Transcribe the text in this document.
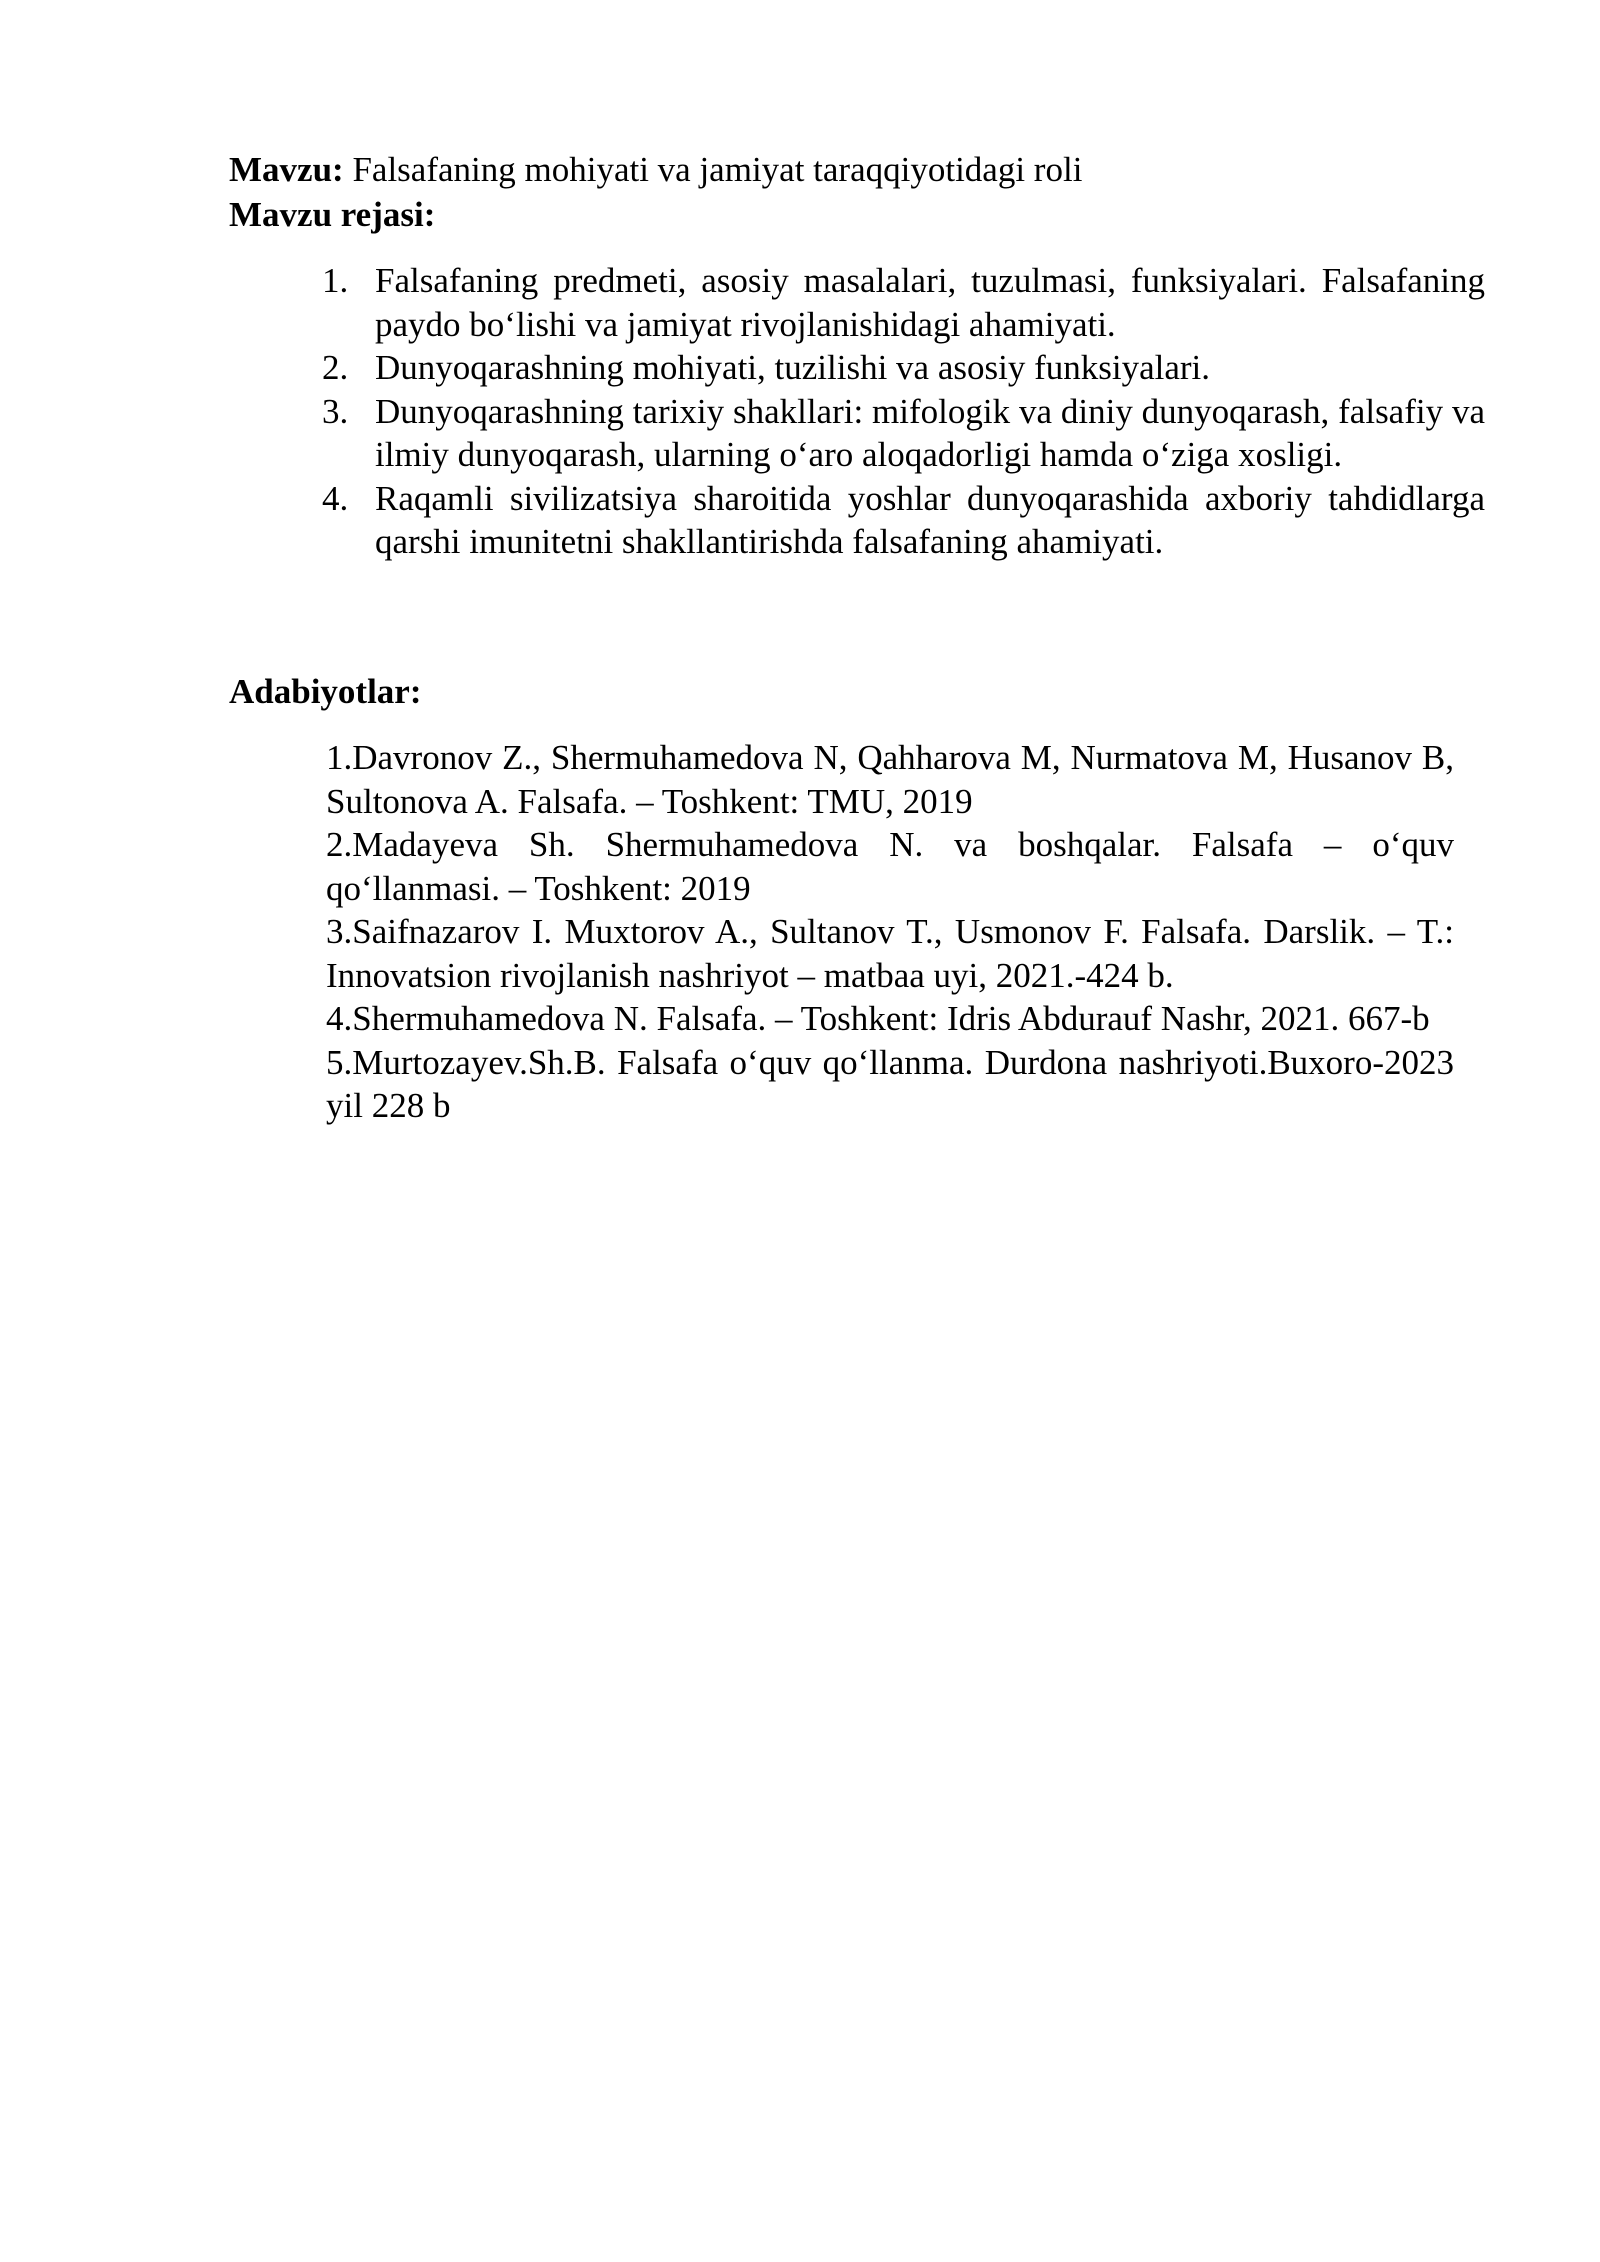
Mavzu: Falsafaning mohiyati va jamiyat taraqqiyotidagi roli
Mavzu rejasi:
1. Falsafaning predmeti, asosiy masalalari, tuzulmasi, funksiyalari. Falsafaning paydo bo‘lishi va jamiyat rivojlanishidagi ahamiyati.
2. Dunyoqarashning mohiyati, tuzilishi va asosiy funksiyalari.
3. Dunyoqarashning tarixiy shakllari: mifologik va diniy dunyoqarash, falsafiy va ilmiy dunyoqarash, ularning o‘aro aloqadorligi hamda o‘ziga xosligi.
4. Raqamli sivilizatsiya sharoitida yoshlar dunyoqarashida axboriy tahdidlarga qarshi imunitetni shakllantirishda falsafaning ahamiyati.
Adabiyotlar:
1.Davronov Z., Shermuhamedova N, Qahharova M, Nurmatova M, Husanov B, Sultonova A. Falsafa. – Toshkent: TMU, 2019
2.Madayeva Sh. Shermuhamedova N. va boshqalar. Falsafa – o‘quv qo‘llanmasi. – Toshkent: 2019
3.Saifnazarov I. Muxtorov A., Sultanov T., Usmonov F. Falsafa. Darslik. – T.: Innovatsion rivojlanish nashriyot – matbaa uyi, 2021.-424 b.
4.Shermuhamedova N. Falsafa. – Toshkent: Idris Abdurauf Nashr, 2021. 667-b
5.Murtozayev.Sh.B. Falsafa o‘quv qo‘llanma. Durdona nashriyoti.Buxoro-2023 yil 228 b
